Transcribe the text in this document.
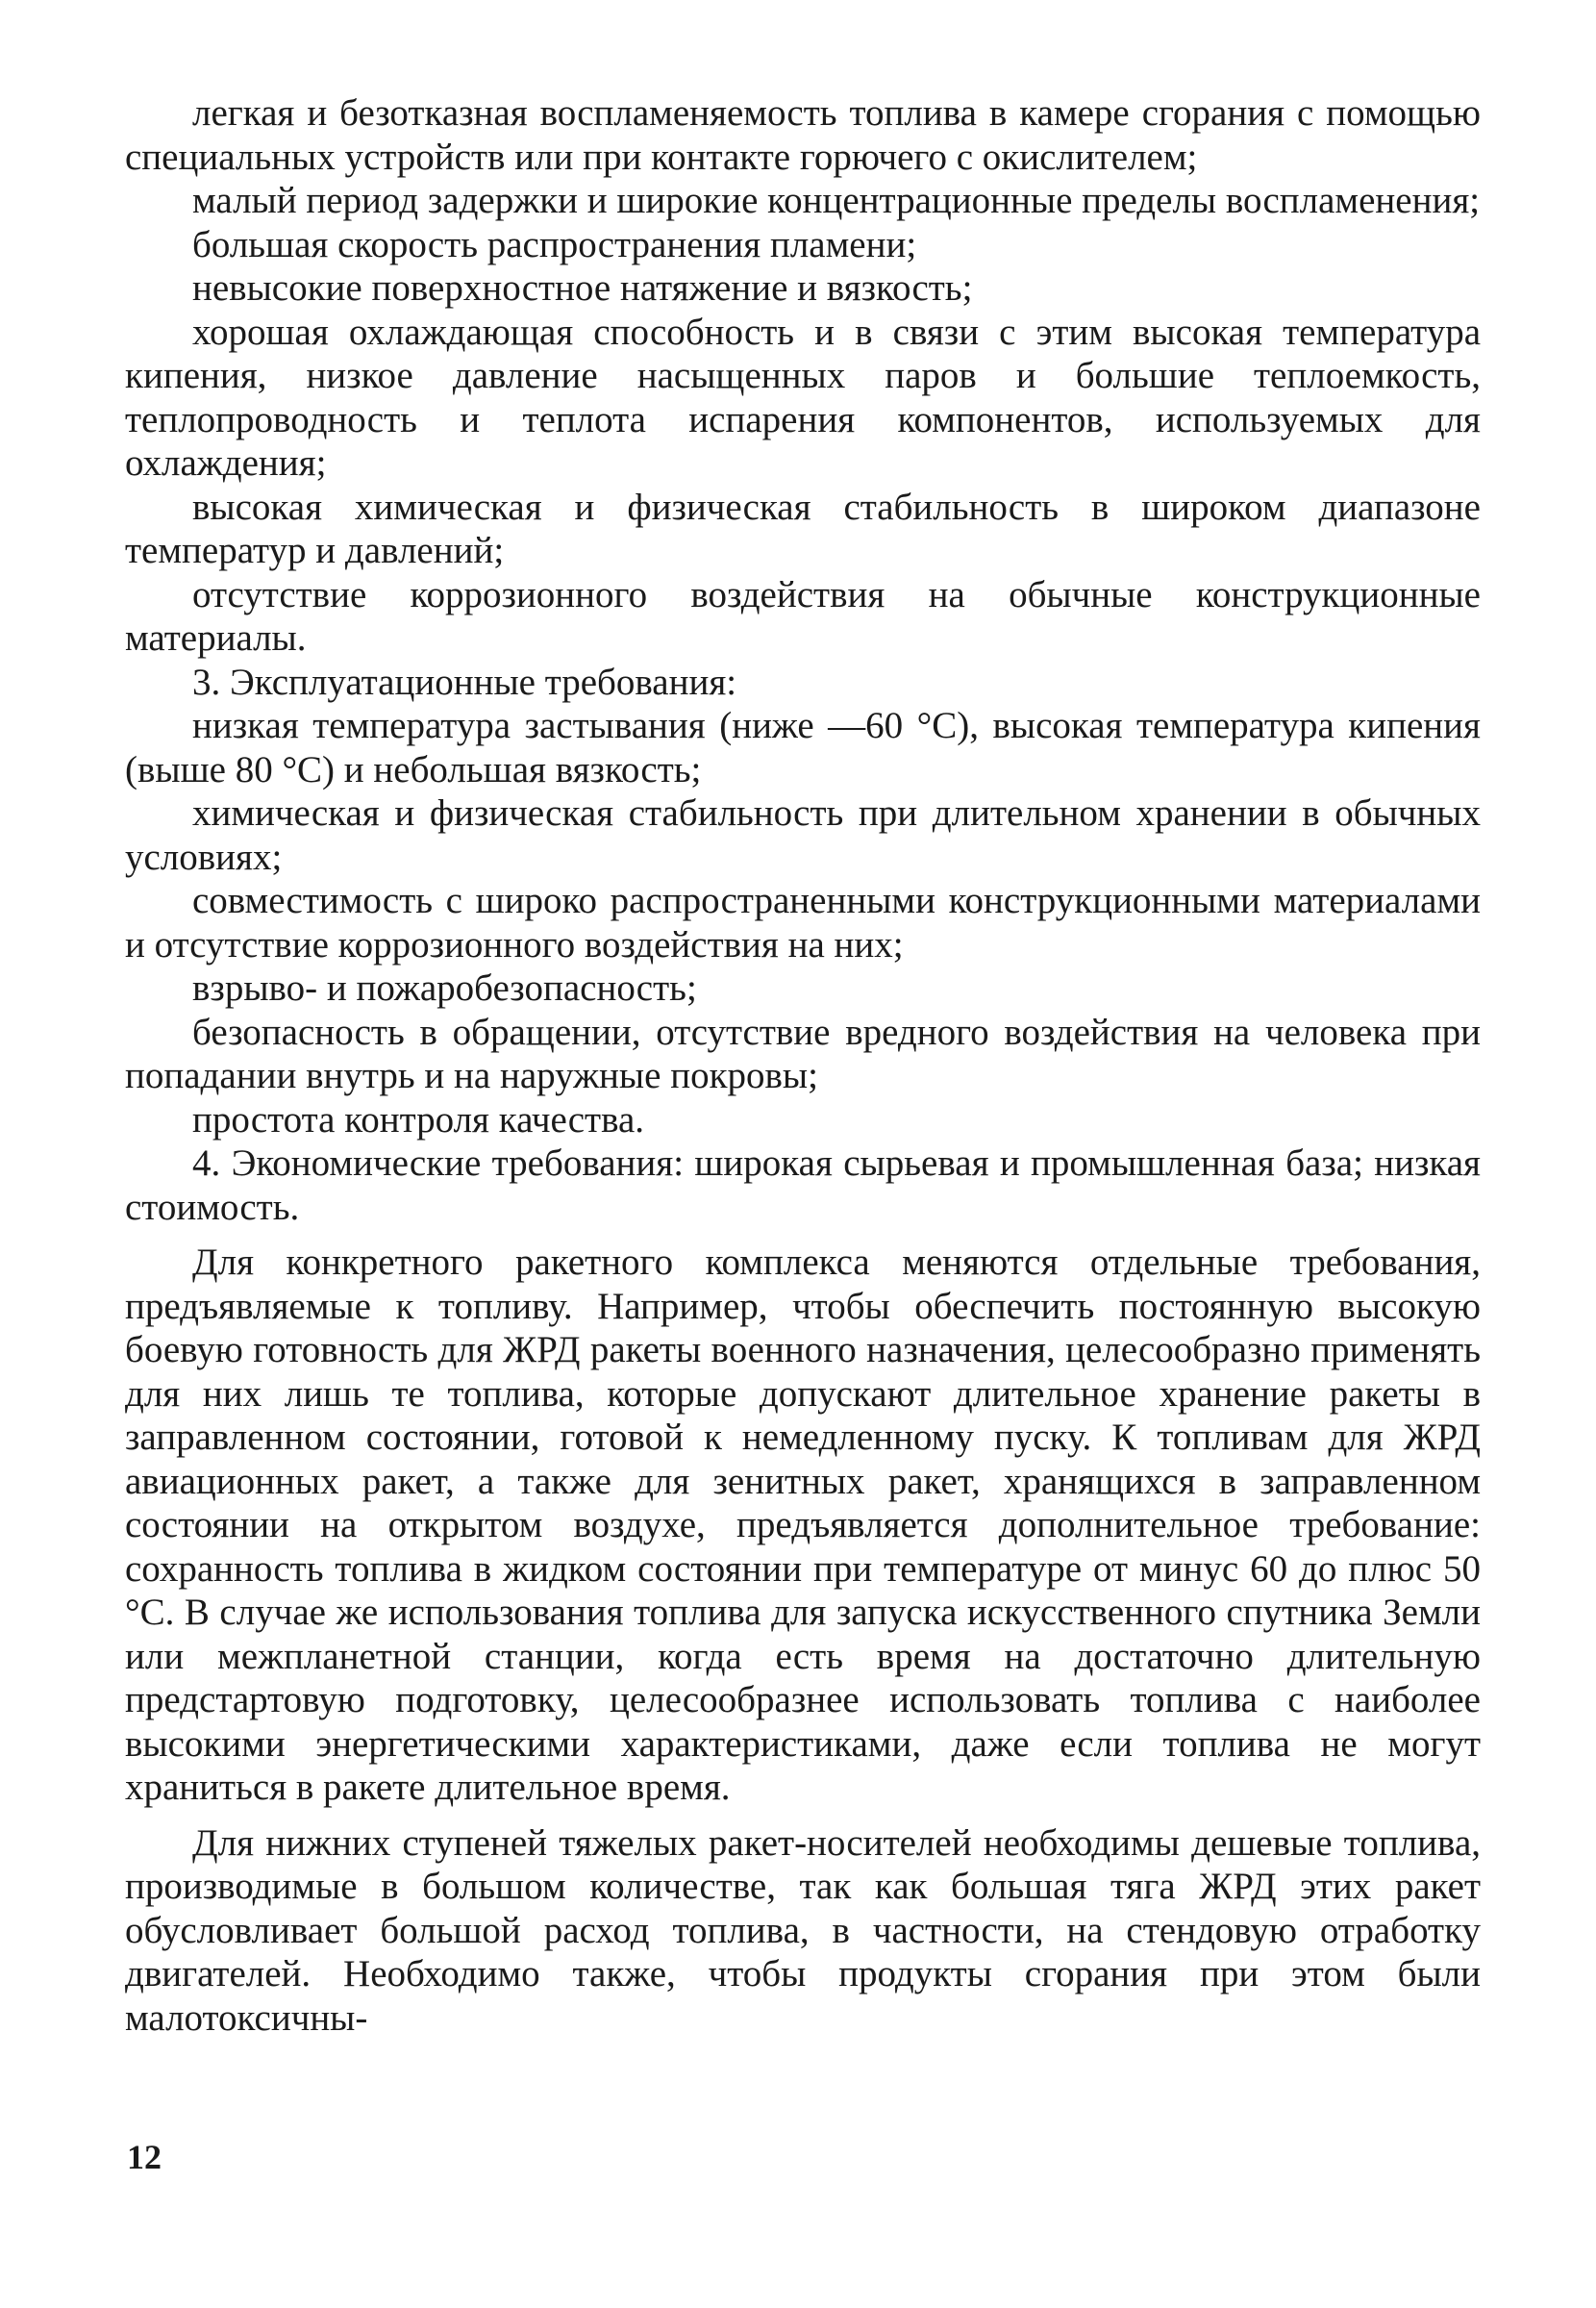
легкая и безотказная воспламеняемость топлива в камере сгорания с помощью специальных устройств или при контакте горючего с окислителем;

малый период задержки и широкие концентрационные пределы воспламенения;

большая скорость распространения пламени;

невысокие поверхностное натяжение и вязкость;

хорошая охлаждающая способность и в связи с этим высокая температура кипения, низкое давление насыщенных паров и большие теплоемкость, теплопроводность и теплота испарения компонентов, используемых для охлаждения;

высокая химическая и физическая стабильность в широком диапазоне температур и давлений;

отсутствие коррозионного воздействия на обычные конструкционные материалы.

3. Эксплуатационные требования:

низкая температура застывания (ниже —60 °С), высокая температура кипения (выше 80 °С) и небольшая вязкость;

химическая и физическая стабильность при длительном хранении в обычных условиях;

совместимость с широко распространенными конструкционными материалами и отсутствие коррозионного воздействия на них;

взрыво- и пожаробезопасность;

безопасность в обращении, отсутствие вредного воздействия на человека при попадании внутрь и на наружные покровы;

простота контроля качества.

4. Экономические требования: широкая сырьевая и промышленная база; низкая стоимость.

Для конкретного ракетного комплекса меняются отдельные требования, предъявляемые к топливу. Например, чтобы обеспечить постоянную высокую боевую готовность для ЖРД ракеты военного назначения, целесообразно применять для них лишь те топлива, которые допускают длительное хранение ракеты в заправленном состоянии, готовой к немедленному пуску. К топливам для ЖРД авиационных ракет, а также для зенитных ракет, хранящихся в заправленном состоянии на открытом воздухе, предъявляется дополнительное требование: сохранность топлива в жидком состоянии при температуре от минус 60 до плюс 50 °С. В случае же использования топлива для запуска искусственного спутника Земли или межпланетной станции, когда есть время на достаточно длительную предстартовую подготовку, целесообразнее использовать топлива с наиболее высокими энергетическими характеристиками, даже если топлива не могут храниться в ракете длительное время.

Для нижних ступеней тяжелых ракет-носителей необходимы дешевые топлива, производимые в большом количестве, так как большая тяга ЖРД этих ракет обусловливает большой расход топлива, в частности, на стендовую отработку двигателей. Необходимо также, чтобы продукты сгорания при этом были малотоксичны-

12
